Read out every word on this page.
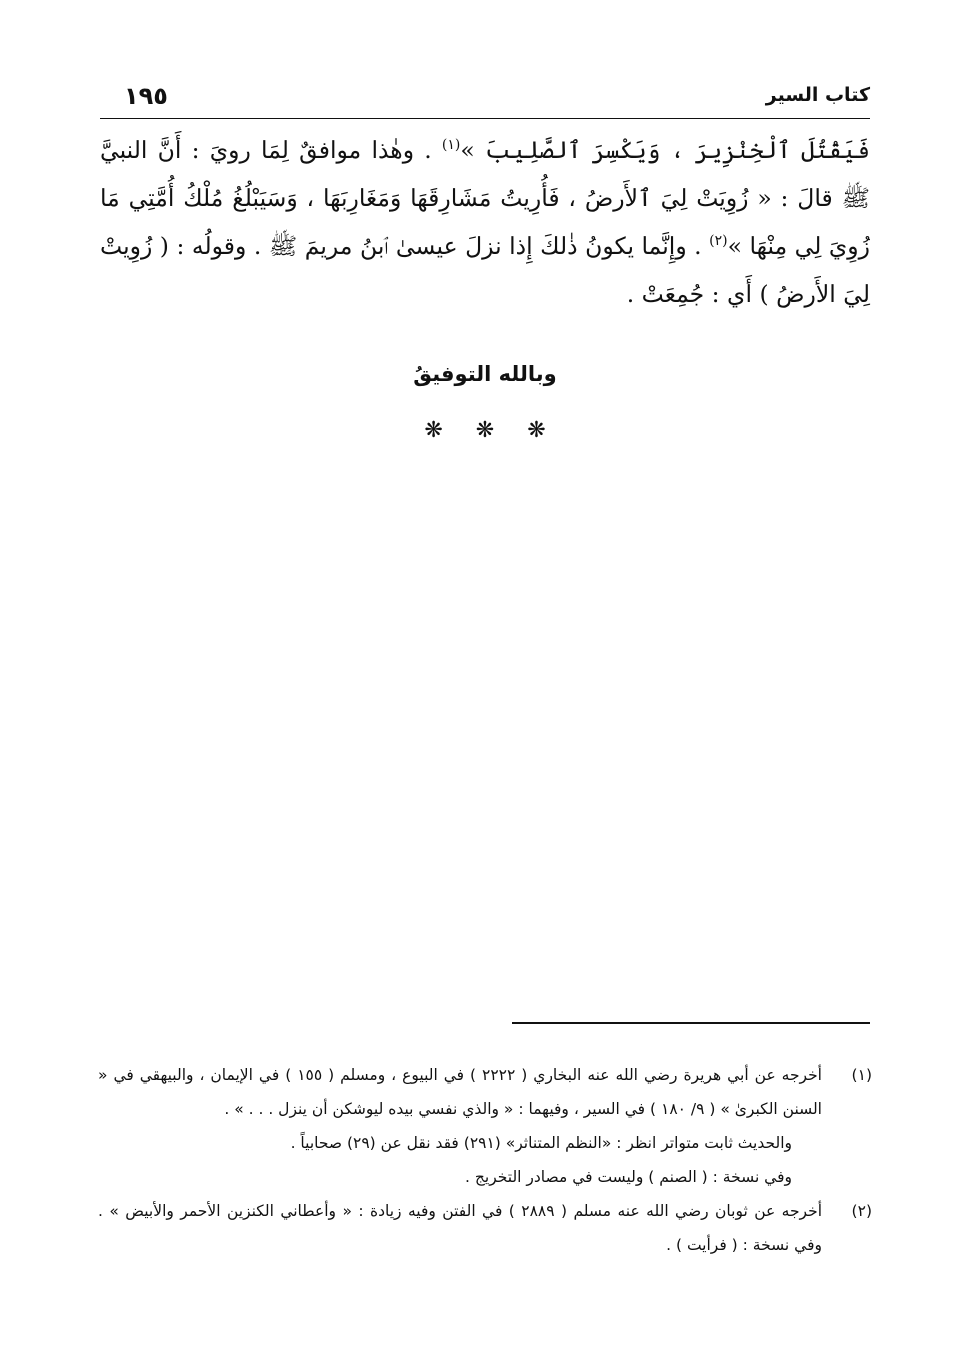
كتاب السير
١٩٥

فَيَقْتُلَ ٱلْخِنْزِيرَ ، وَيَكْسِرَ ٱلصَّلِيبَ »$^{(١)}$ . وهٰذا موافقٌ لِمَا رويَ : أَنَّ النبيَّ ﷺ قالَ : « زُوِيَتْ لِيَ ٱلأَرضُ ، فَأُرِيتُ مَشَارِقَهَا وَمَغَارِبَهَا ، وَسَيَبْلُغُ مُلْكُ أُمَّتِي مَا زُوِيَ لِي مِنْهَا »$^{(٢)}$ . وإِنَّما يكونُ ذٰلكَ إِذا نزلَ عيسىٰ ٱبنُ مريمَ ﷺ . وقولُه : ( زُوِيتْ لِيَ الأَرضُ ) أَي : جُمِعَتْ .

وبالله التوفيقُ
❋ ❋ ❋
(١)
أخرجه عن أبي هريرة رضي الله عنه البخاري ( ٢٢٢٢ ) في البيوع ، ومسلم ( ١٥٥ ) في الإيمان ، والبيهقي في « السنن الكبرىٰ » ( ٩/ ١٨٠ ) في السير ، وفيهما : « والذي نفسي بيده ليوشكن أن ينزل . . . » .

والحديث ثابت متواتر انظر : «النظم المتناثر» (٢٩١) فقد نقل عن (٢٩) صحابياً .

وفي نسخة : ( الصنم ) وليست في مصادر التخريج .

(٢)
أخرجه عن ثوبان رضي الله عنه مسلم ( ٢٨٨٩ ) في الفتن وفيه زيادة : « وأعطاني الكنزين الأحمر والأبيض » . وفي نسخة : ( فرأيت ) .
